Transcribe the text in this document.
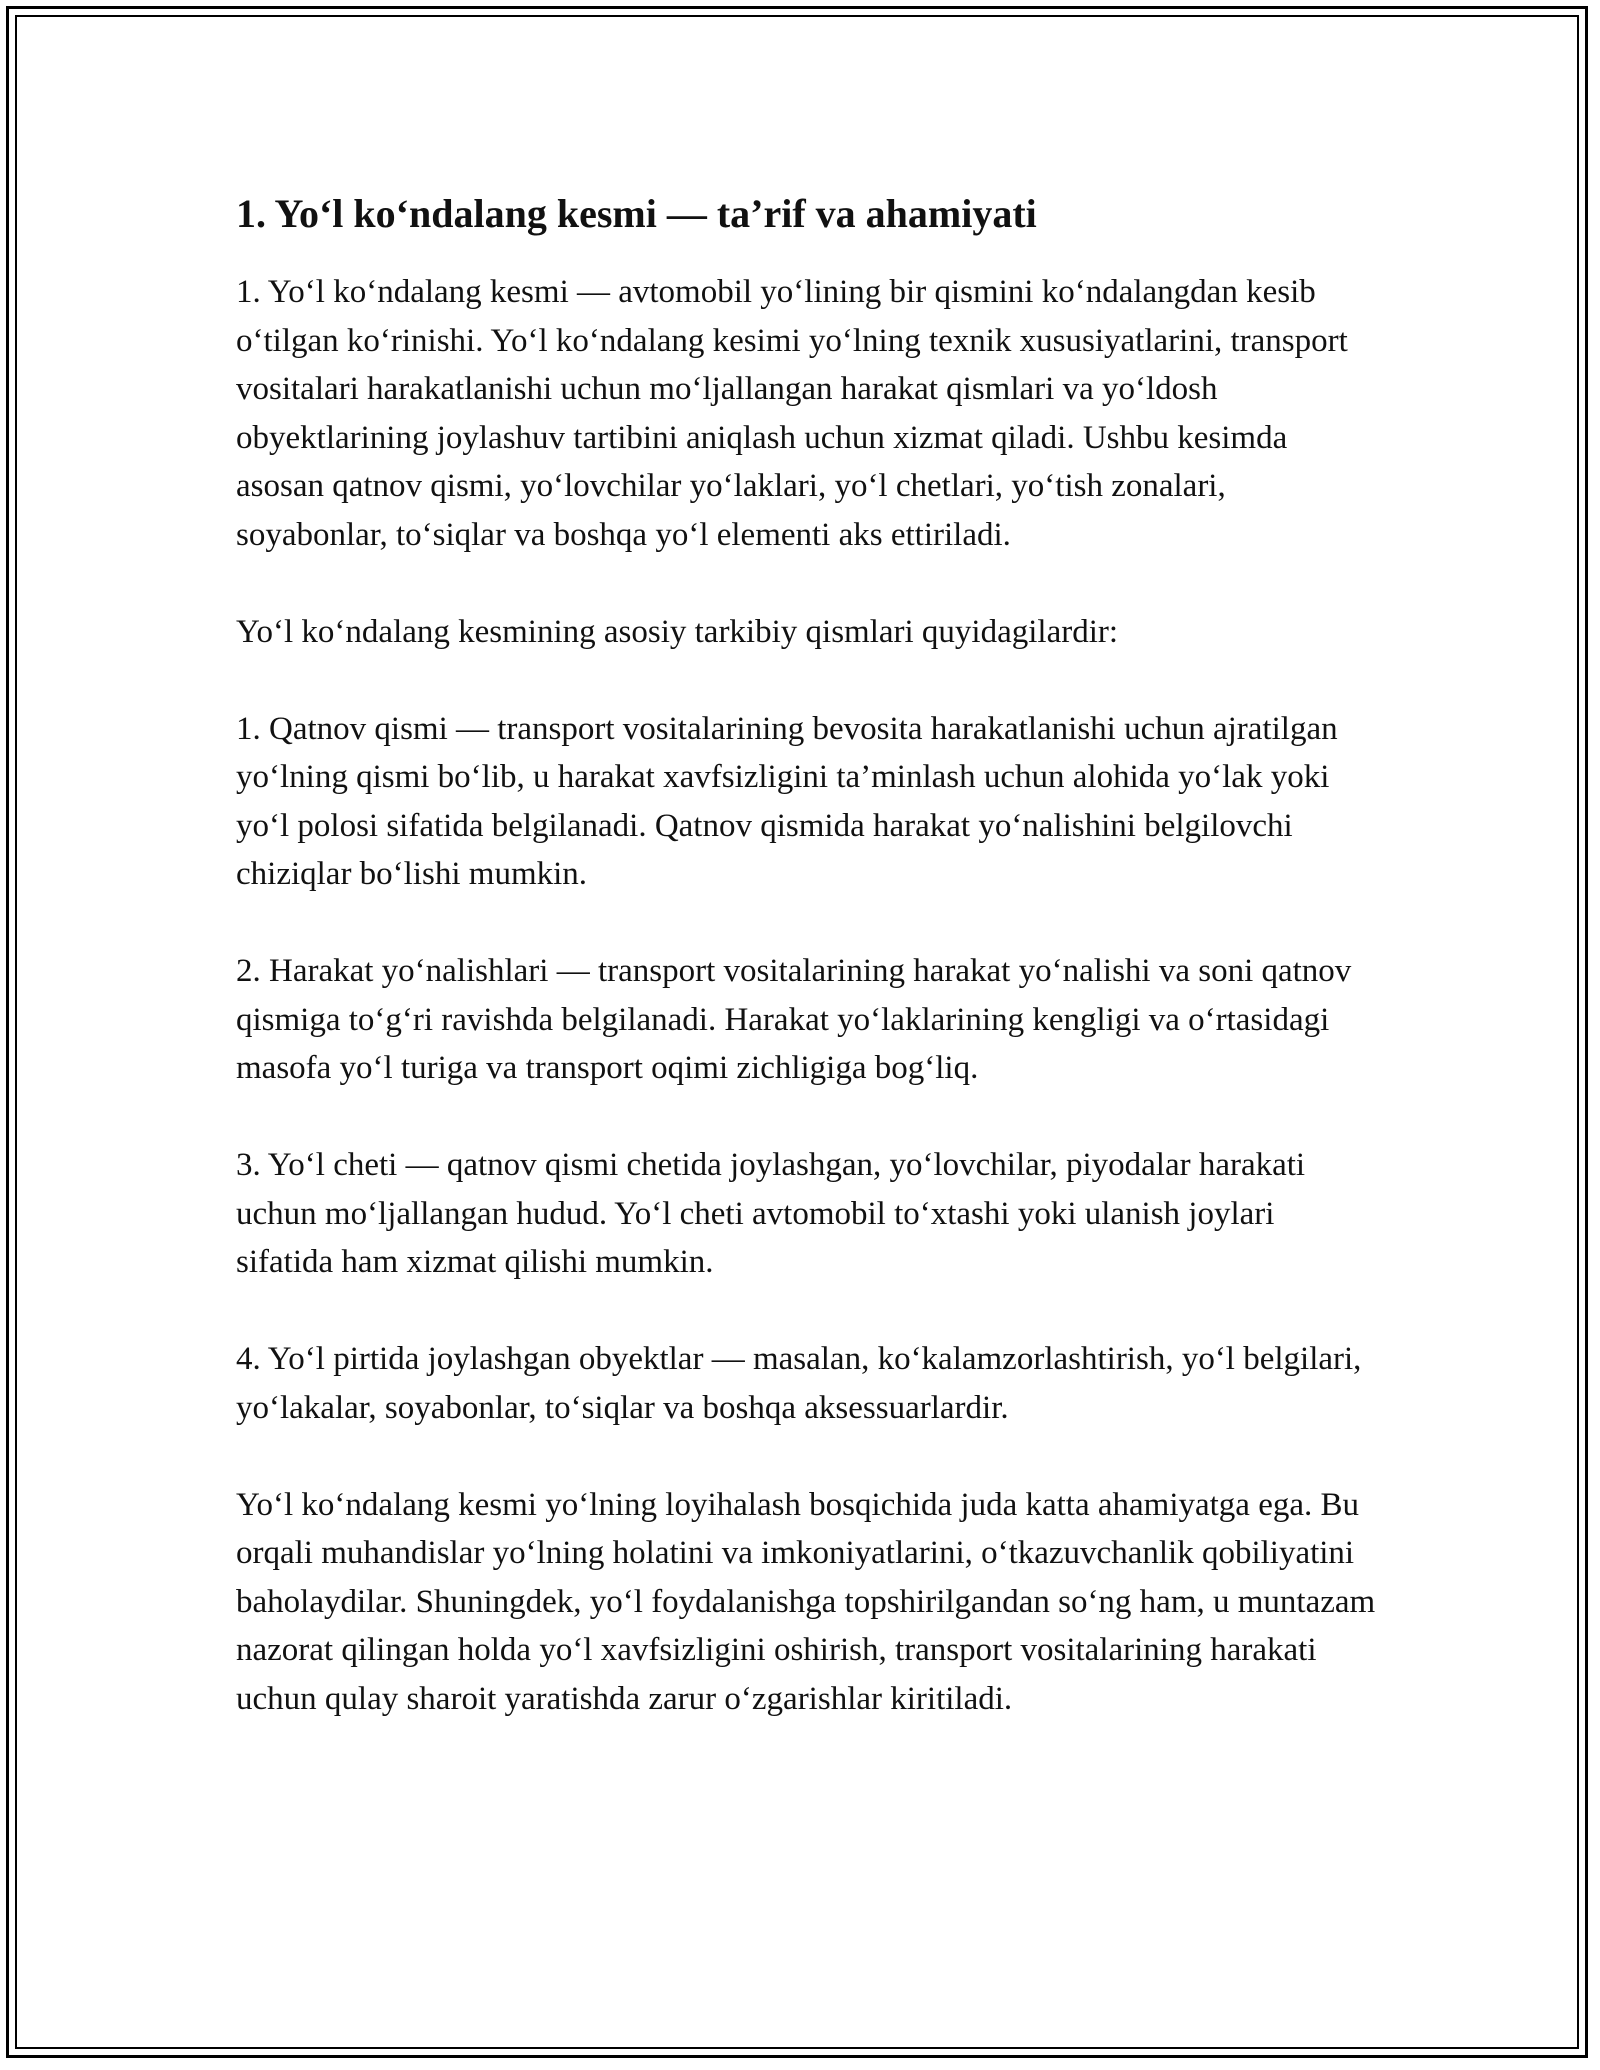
1. Yo‘l ko‘ndalang kesmi — ta’rif va ahamiyati

1. Yo‘l ko‘ndalang kesmi — avtomobil yo‘lining bir qismini ko‘ndalangdan kesib o‘tilgan ko‘rinishi. Yo‘l ko‘ndalang kesimi yo‘lning texnik xususiyatlarini, transport vositalari harakatlanishi uchun mo‘ljallangan harakat qismlari va yo‘ldosh obyektlarining joylashuv tartibini aniqlash uchun xizmat qiladi. Ushbu kesimda asosan qatnov qismi, yo‘lovchilar yo‘laklari, yo‘l chetlari, yo‘tish zonalari, soyabonlar, to‘siqlar va boshqa yo‘l elementi aks ettiriladi.

Yo‘l ko‘ndalang kesmining asosiy tarkibiy qismlari quyidagilardir:

1. Qatnov qismi — transport vositalarining bevosita harakatlanishi uchun ajratilgan yo‘lning qismi bo‘lib, u harakat xavfsizligini ta’minlash uchun alohida yo‘lak yoki yo‘l polosi sifatida belgilanadi. Qatnov qismida harakat yo‘nalishini belgilovchi chiziqlar bo‘lishi mumkin.

2. Harakat yo‘nalishlari — transport vositalarining harakat yo‘nalishi va soni qatnov qismiga to‘g‘ri ravishda belgilanadi. Harakat yo‘laklarining kengligi va o‘rtasidagi masofa yo‘l turiga va transport oqimi zichligiga bog‘liq.

3. Yo‘l cheti — qatnov qismi chetida joylashgan, yo‘lovchilar, piyodalar harakati uchun mo‘ljallangan hudud. Yo‘l cheti avtomobil to‘xtashi yoki ulanish joylari sifatida ham xizmat qilishi mumkin.

4. Yo‘l pirtida joylashgan obyektlar — masalan, ko‘kalamzorlashtirish, yo‘l belgilari, yo‘lakalar, soyabonlar, to‘siqlar va boshqa aksessuarlardir.

Yo‘l ko‘ndalang kesmi yo‘lning loyihalash bosqichida juda katta ahamiyatga ega. Bu orqali muhandislar yo‘lning holatini va imkoniyatlarini, o‘tkazuvchanlik qobiliyatini baholaydilar. Shuningdek, yo‘l foydalanishga topshirilgandan so‘ng ham, u muntazam nazorat qilingan holda yo‘l xavfsizligini oshirish, transport vositalarining harakati uchun qulay sharoit yaratishda zarur o‘zgarishlar kiritiladi.
